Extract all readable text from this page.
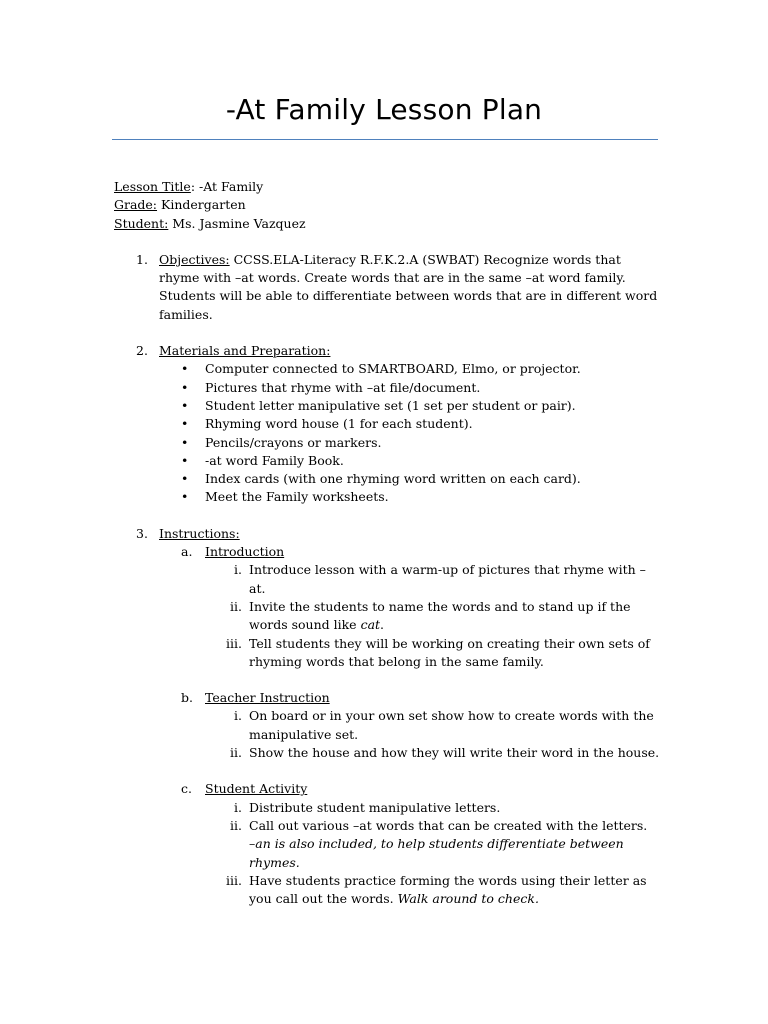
-At Family Lesson Plan
Lesson Title: -At Family
Grade: Kindergarten
Student: Ms. Jasmine Vazquez
1. Objectives: CCSS.ELA-Literacy R.F.K.2.A (SWBAT) Recognize words that rhyme with –at words. Create words that are in the same –at word family. Students will be able to differentiate between words that are in different word families.
2. Materials and Preparation:
• Computer connected to SMARTBOARD, Elmo, or projector.
• Pictures that rhyme with –at file/document.
• Student letter manipulative set (1 set per student or pair).
• Rhyming word house (1 for each student).
• Pencils/crayons or markers.
• -at word Family Book.
• Index cards (with one rhyming word written on each card).
• Meet the Family worksheets.
3. Instructions:
a. Introduction
i. Introduce lesson with a warm-up of pictures that rhyme with –at.
ii. Invite the students to name the words and to stand up if the words sound like cat.
iii. Tell students they will be working on creating their own sets of rhyming words that belong in the same family.
b. Teacher Instruction
i. On board or in your own set show how to create words with the manipulative set.
ii. Show the house and how they will write their word in the house.
c. Student Activity
i. Distribute student manipulative letters.
ii. Call out various –at words that can be created with the letters.
–an is also included, to help students differentiate between rhymes.
iii. Have students practice forming the words using their letter as you call out the words. Walk around to check.
